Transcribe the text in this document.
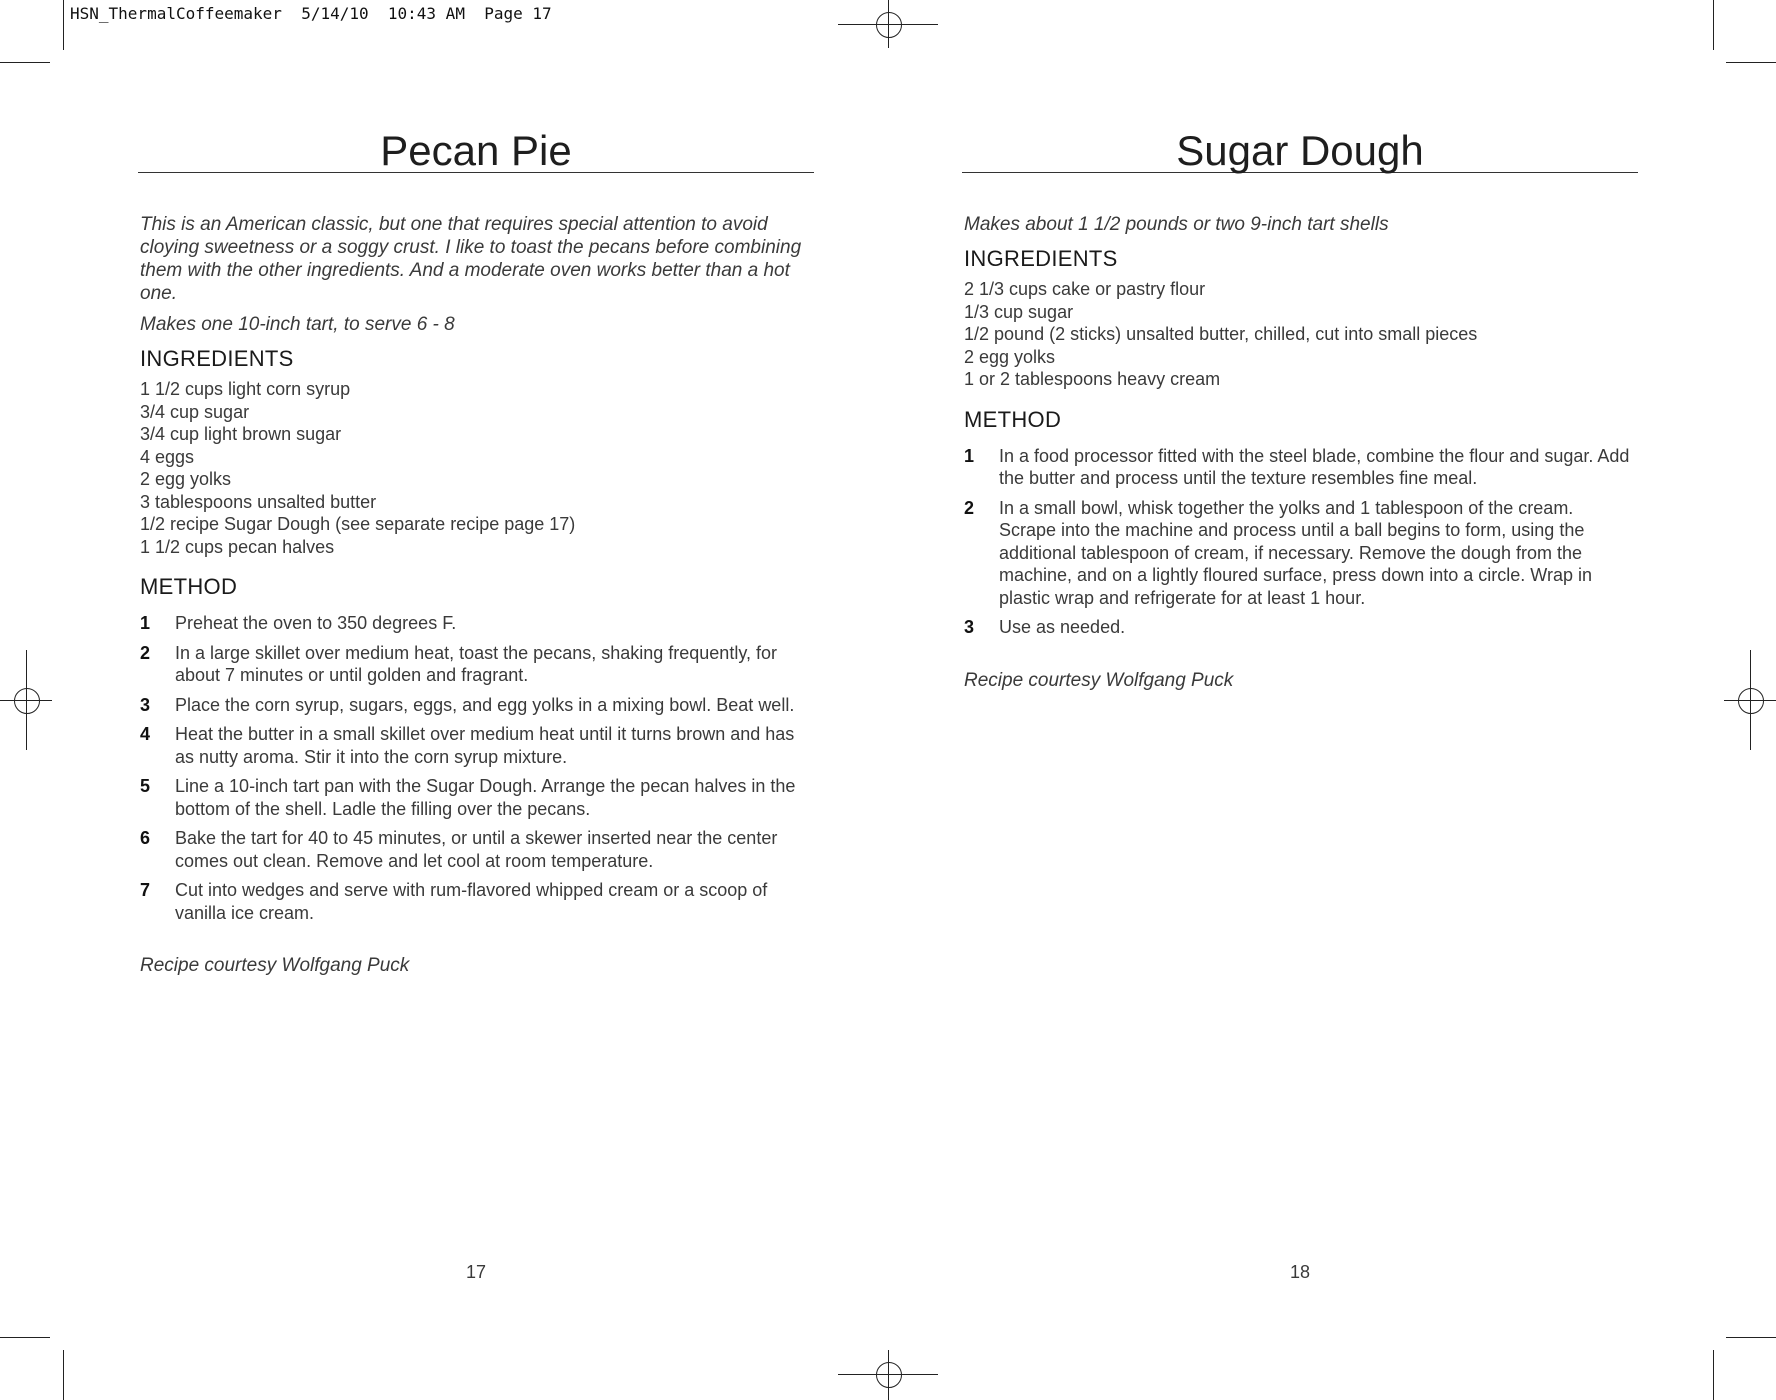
HSN_ThermalCoffeemaker  5/14/10  10:43 AM  Page 17
Pecan Pie
This is an American classic, but one that requires special attention to avoid cloying sweetness or a soggy crust. I like to toast the pecans before combining them with the other ingredients. And a moderate oven works better than a hot one.
Makes one 10-inch tart, to serve 6 - 8
INGREDIENTS
1 1/2 cups light corn syrup
3/4 cup sugar
3/4 cup light brown sugar
4 eggs
2 egg yolks
3 tablespoons unsalted butter
1/2 recipe Sugar Dough (see separate recipe page 17)
1 1/2 cups pecan halves
METHOD
1	Preheat the oven to 350 degrees F.
2	In a large skillet over medium heat, toast the pecans, shaking frequently, for about 7 minutes or until golden and fragrant.
3	Place the corn syrup, sugars, eggs, and egg yolks in a mixing bowl. Beat well.
4	Heat the butter in a small skillet over medium heat until it turns brown and has as nutty aroma. Stir it into the corn syrup mixture.
5	Line a 10-inch tart pan with the Sugar Dough. Arrange the pecan halves in the bottom of the shell. Ladle the filling over the pecans.
6	Bake the tart for 40 to 45 minutes, or until a skewer inserted near the center comes out clean. Remove and let cool at room temperature.
7	Cut into wedges and serve with rum-flavored whipped cream or a scoop of vanilla ice cream.
Recipe courtesy Wolfgang Puck
17
Sugar Dough
Makes about 1 1/2 pounds or two 9-inch tart shells
INGREDIENTS
2 1/3 cups cake or pastry flour
1/3 cup sugar
1/2 pound (2 sticks) unsalted butter, chilled, cut into small pieces
2 egg yolks
1 or 2 tablespoons heavy cream
METHOD
1	In a food processor fitted with the steel blade, combine the flour and sugar. Add the butter and process until the texture resembles fine meal.
2	In a small bowl, whisk together the yolks and 1 tablespoon of the cream. Scrape into the machine and process until a ball begins to form, using the additional tablespoon of cream, if necessary. Remove the dough from the machine, and on a lightly floured surface, press down into a circle. Wrap in plastic wrap and refrigerate for at least 1 hour.
3	Use as needed.
Recipe courtesy Wolfgang Puck
18
